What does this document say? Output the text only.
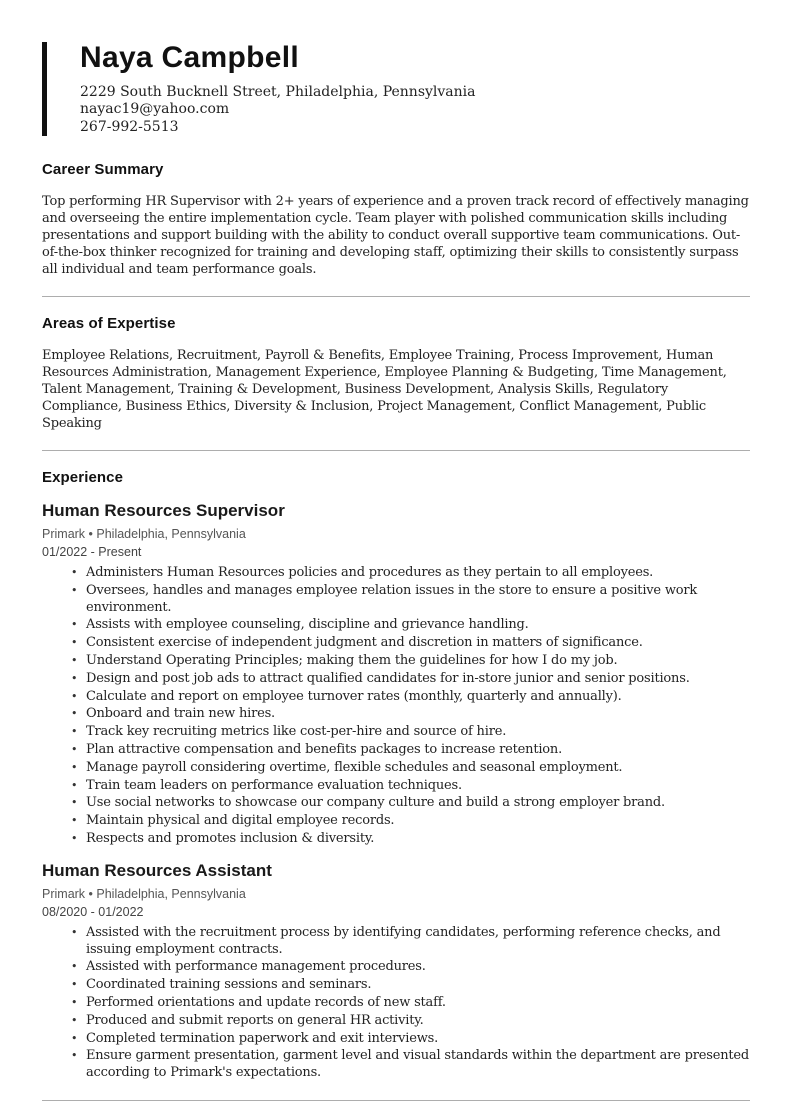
Naya Campbell
2229 South Bucknell Street, Philadelphia, Pennsylvania
nayac19@yahoo.com
267-992-5513
Career Summary

Top performing HR Supervisor with 2+ years of experience and a proven track record of effectively managing and overseeing the entire implementation cycle. Team player with polished communication skills including presentations and support building with the ability to conduct overall supportive team communications. Out-of-the-box thinker recognized for training and developing staff, optimizing their skills to consistently surpass all individual and team performance goals.

Areas of Expertise

Employee Relations, Recruitment, Payroll & Benefits, Employee Training, Process Improvement, Human Resources Administration, Management Experience, Employee Planning & Budgeting, Time Management, Talent Management, Training & Development, Business Development, Analysis Skills, Regulatory Compliance, Business Ethics, Diversity & Inclusion, Project Management, Conflict Management, Public Speaking

Experience
Human Resources Supervisor
Primark • Philadelphia, Pennsylvania
01/2022 - Present
• Administers Human Resources policies and procedures as they pertain to all employees.
• Oversees, handles and manages employee relation issues in the store to ensure a positive work environment.
• Assists with employee counseling, discipline and grievance handling.
• Consistent exercise of independent judgment and discretion in matters of significance.
• Understand Operating Principles; making them the guidelines for how I do my job.
• Design and post job ads to attract qualified candidates for in-store junior and senior positions.
• Calculate and report on employee turnover rates (monthly, quarterly and annually).
• Onboard and train new hires.
• Track key recruiting metrics like cost-per-hire and source of hire.
• Plan attractive compensation and benefits packages to increase retention.
• Manage payroll considering overtime, flexible schedules and seasonal employment.
• Train team leaders on performance evaluation techniques.
• Use social networks to showcase our company culture and build a strong employer brand.
• Maintain physical and digital employee records.
• Respects and promotes inclusion & diversity.
Human Resources Assistant
Primark • Philadelphia, Pennsylvania
08/2020 - 01/2022
• Assisted with the recruitment process by identifying candidates, performing reference checks, and issuing employment contracts.
• Assisted with performance management procedures.
• Coordinated training sessions and seminars.
• Performed orientations and update records of new staff.
• Produced and submit reports on general HR activity.
• Completed termination paperwork and exit interviews.
• Ensure garment presentation, garment level and visual standards within the department are presented according to Primark's expectations.
